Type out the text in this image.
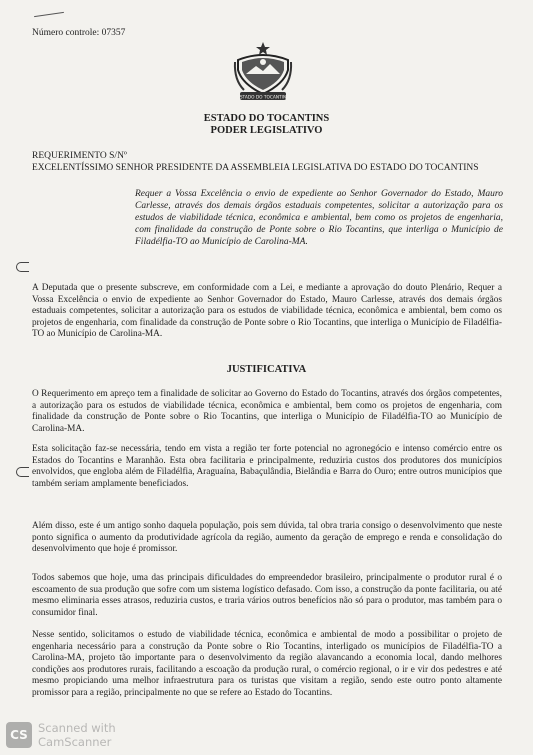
Número controle: 07357
ESTADO DO TOCANTINS
ESTADO DO TOCANTINS
PODER LEGISLATIVO
REQUERIMENTO S/Nº
EXCELENTÍSSIMO SENHOR PRESIDENTE DA ASSEMBLEIA LEGISLATIVA DO ESTADO DO TOCANTINS
Requer a Vossa Excelência o envio de expediente ao Senhor Governador do Estado, Mauro Carlesse, através dos demais órgãos estaduais competentes, solicitar a autorização para os estudos de viabilidade técnica, econômica e ambiental, bem como os projetos de engenharia, com finalidade da construção de Ponte sobre o Rio Tocantins, que interliga o Município de Filadélfia-TO ao Município de Carolina-MA.

A Deputada que o presente subscreve, em conformidade com a Lei, e mediante a aprovação do douto Plenário, Requer a Vossa Excelência o envio de expediente ao Senhor Governador do Estado, Mauro Carlesse, através dos demais órgãos estaduais competentes, solicitar a autorização para os estudos de viabilidade técnica, econômica e ambiental, bem como os projetos de engenharia, com finalidade da construção de Ponte sobre o Rio Tocantins, que interliga o Município de Filadélfia-TO ao Município de Carolina-MA.

JUSTIFICATIVA

O Requerimento em apreço tem a finalidade de solicitar ao Governo do Estado do Tocantins, através dos órgãos competentes, a autorização para os estudos de viabilidade técnica, econômica e ambiental, bem como os projetos de engenharia, com finalidade da construção de Ponte sobre o Rio Tocantins, que interliga o Município de Filadélfia-TO ao Município de Carolina-MA.

Esta solicitação faz-se necessária, tendo em vista a região ter forte potencial no agronegócio e intenso comércio entre os Estados do Tocantins e Maranhão. Esta obra facilitaria e principalmente, reduziria custos dos produtores dos municípios envolvidos, que engloba além de Filadélfia, Araguaína, Babaçulândia, Bielândia e Barra do Ouro; entre outros municípios que também seriam amplamente beneficiados.

Além disso, este é um antigo sonho daquela população, pois sem dúvida, tal obra traria consigo o desenvolvimento que neste ponto significa o aumento da produtividade agrícola da região, aumento da geração de emprego e renda e consolidação do desenvolvimento que hoje é promissor.

Todos sabemos que hoje, uma das principais dificuldades do empreendedor brasileiro, principalmente o produtor rural é o escoamento de sua produção que sofre com um sistema logístico defasado. Com isso, a construção da ponte facilitaria, ou até mesmo eliminaria esses atrasos, reduziria custos, e traria vários outros benefícios não só para o produtor, mas também para o consumidor final.

Nesse sentido, solicitamos o estudo de viabilidade técnica, econômica e ambiental de modo a possibilitar o projeto de engenharia necessário para a construção da Ponte sobre o Rio Tocantins, interligado os municípios de Filadélfia-TO a Carolina-MA, projeto tão importante para o desenvolvimento da região alavancando a economia local, dando melhores condições aos produtores rurais, facilitando a escoação da produção rural, o comércio regional, o ir e vir dos pedestres e até mesmo propiciando uma melhor infraestrutura para os turistas que visitam a região, sendo este outro ponto altamente promissor para a região, principalmente no que se refere ao Estado do Tocantins.

CS Scanned with
CamScanner
